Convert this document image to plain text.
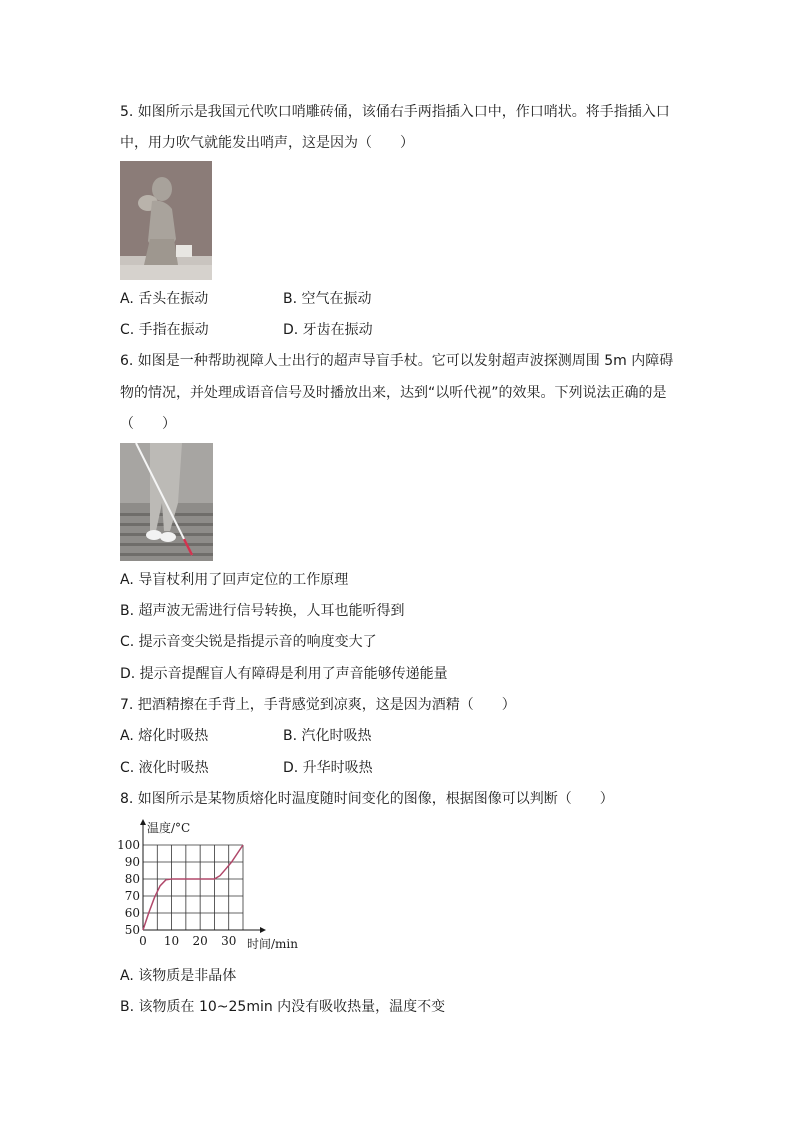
5. 如图所示是我国元代吹口哨雕砖俑，该俑右手两指插入口中，作口哨状。将手指插入口
中，用力吹气就能发出哨声，这是因为（　　）
A. 舌头在振动	B. 空气在振动
C. 手指在振动	D. 牙齿在振动
6. 如图是一种帮助视障人士出行的超声导盲手杖。它可以发射超声波探测周围 5m 内障碍
物的情况，并处理成语音信号及时播放出来，达到“以听代视”的效果。下列说法正确的是
（　　）
A. 导盲杖利用了回声定位的工作原理
B. 超声波无需进行信号转换，人耳也能听得到
C. 提示音变尖锐是指提示音的响度变大了
D. 提示音提醒盲人有障碍是利用了声音能够传递能量
7. 把酒精擦在手背上，手背感觉到凉爽，这是因为酒精（　　）
A. 熔化时吸热	B. 汽化时吸热
C. 液化时吸热	D. 升华时吸热
8. 如图所示是某物质熔化时温度随时间变化的图像，根据图像可以判断（　　）
50
60
70
80
90
100
0 10 20 30
温度/°C
时间/min
A. 该物质是非晶体
B. 该物质在 10~25min 内没有吸收热量，温度不变
